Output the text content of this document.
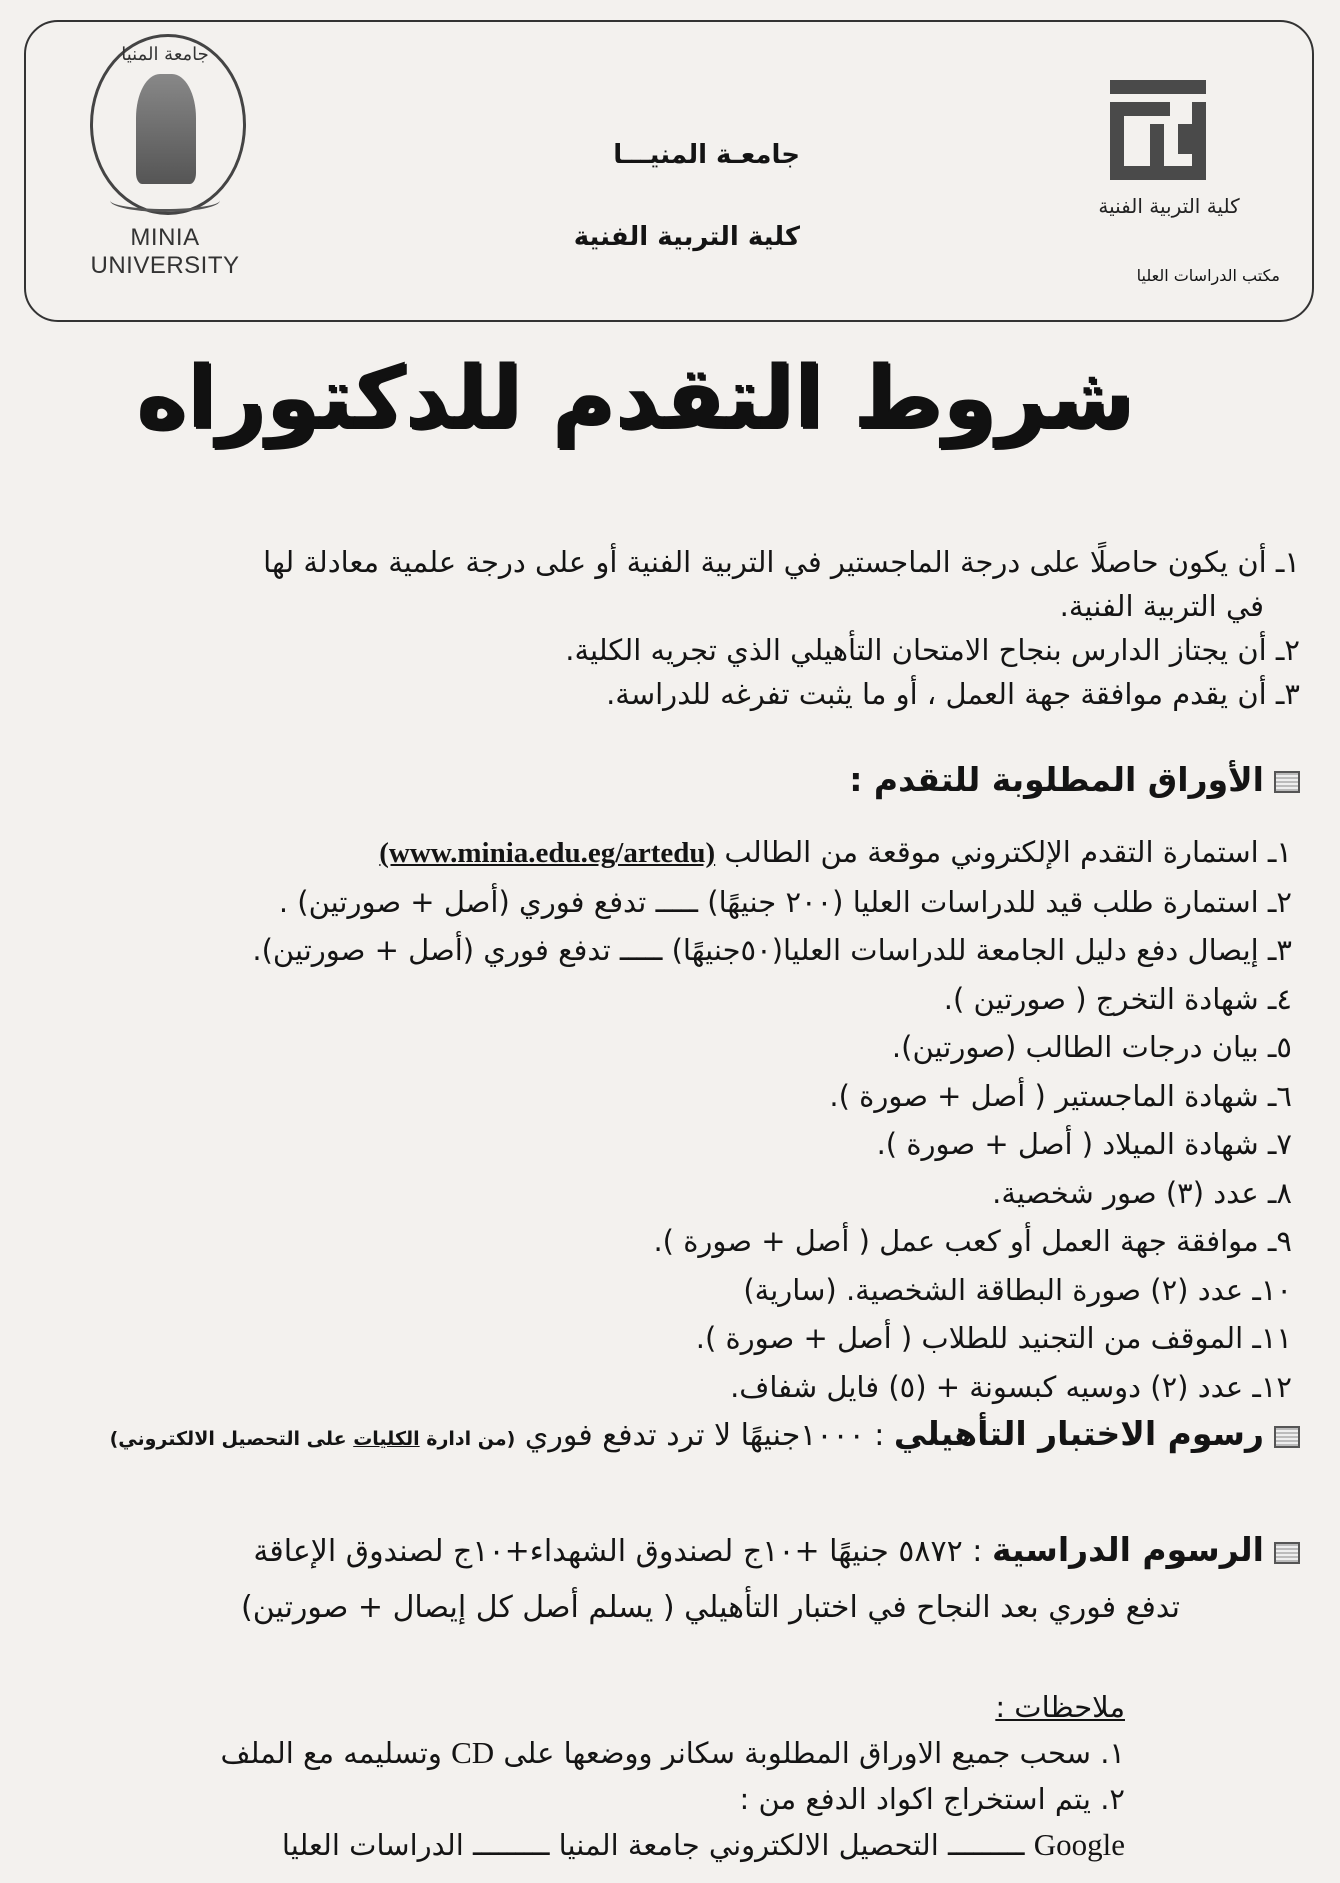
جامعة المنيا
MINIA UNIVERSITY
جامعـة المنيـــا
كلية التربية الفنية
كلية التربية الفنية
مكتب الدراسات العليا
شروط التقدم للدكتوراه

١ـ أن يكون حاصلًا على درجة الماجستير في التربية الفنية أو على درجة علمية معادلة لها

في التربية الفنية.

٢ـ أن يجتاز الدارس بنجاح الامتحان التأهيلي الذي تجريه الكلية.

٣ـ أن يقدم موافقة جهة العمل ، أو ما يثبت تفرغه للدراسة.

الأوراق المطلوبة للتقدم :

١ـ استمارة التقدم الإلكتروني موقعة من الطالب (www.minia.edu.eg/artedu)

٢ـ استمارة طلب قيد للدراسات العليا (٢٠٠ جنيهًا) ـــــ تدفع فوري (أصل + صورتين) .

٣ـ إيصال دفع دليل الجامعة للدراسات العليا(٥٠جنيهًا) ـــــ تدفع فوري (أصل + صورتين).

٤ـ شهادة التخرج ( صورتين ).

٥ـ بيان درجات الطالب (صورتين).

٦ـ شهادة الماجستير ( أصل + صورة ).

٧ـ شهادة الميلاد ( أصل + صورة ).

٨ـ عدد (٣) صور شخصية.

٩ـ موافقة جهة العمل أو كعب عمل ( أصل + صورة ).

١٠ـ عدد (٢) صورة البطاقة الشخصية. (سارية)

١١ـ الموقف من التجنيد للطلاب ( أصل + صورة ).

١٢ـ عدد (٢) دوسيه كبسونة + (٥) فايل شفاف.

رسوم الاختبار التأهيلي : ١٠٠٠جنيهًا لا ترد تدفع فوري (من ادارة الكليات على التحصيل الالكتروني)
الرسوم الدراسية : ٥٨٧٢ جنيهًا +١٠ج لصندوق الشهداء+١٠ج لصندوق الإعاقة
تدفع فوري بعد النجاح في اختبار التأهيلي ( يسلم أصل كل إيصال + صورتين)
ملاحظات :

١. سحب جميع الاوراق المطلوبة سكانر ووضعها على CD وتسليمه مع الملف

٢. يتم استخراج اكواد الدفع من :

Google ـــــــــ التحصيل الالكتروني جامعة المنيا ـــــــــ الدراسات العليا
